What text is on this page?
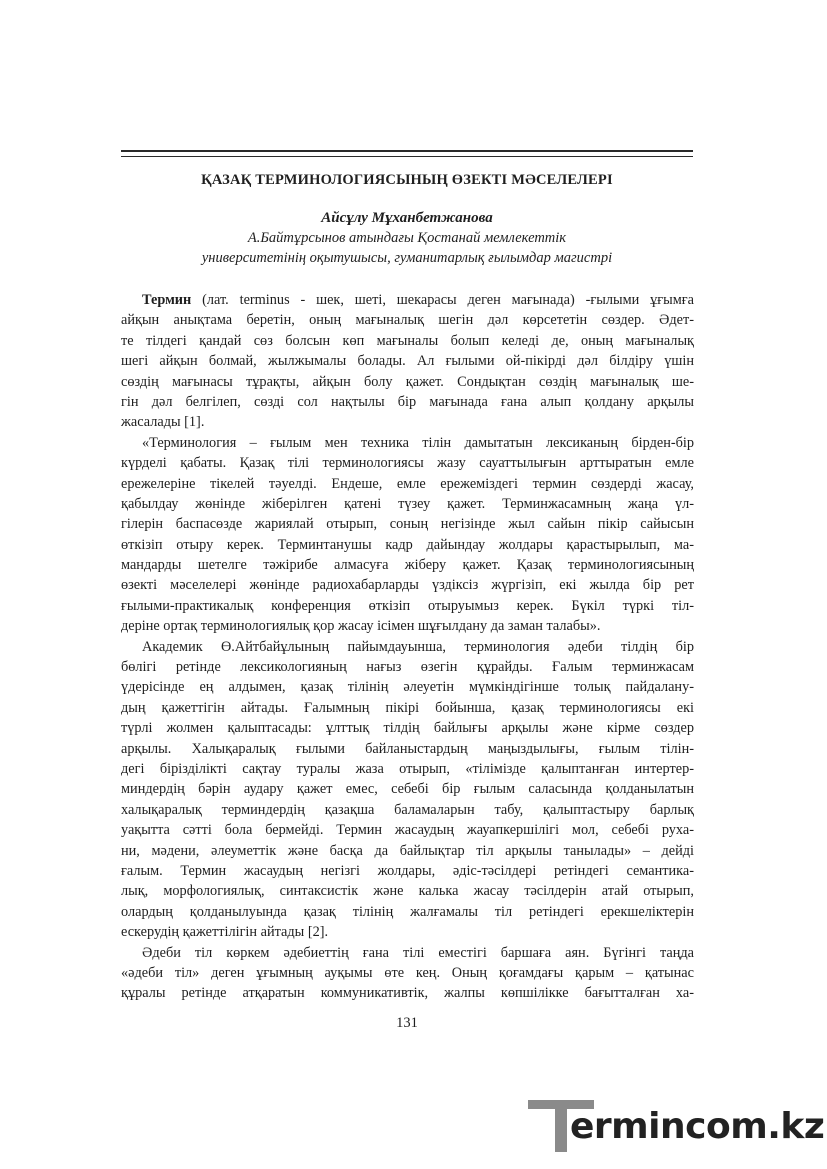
ҚАЗАҚ ТЕРМИНОЛОГИЯСЫНЫҢ ӨЗЕКТІ МӘСЕЛЕЛЕРІ
Айсұлу Мұханбетжанова
А.Байтұрсынов атындағы Қостанай мемлекеттік
университетінің оқытушысы, гуманитарлық ғылымдар магистрі
Термин (лат. terminus - шек, шеті, шекарасы деген мағынада) -ғылыми ұғымға
айқын анықтама беретін, оның мағыналық шегін дәл көрсететін сөздер. Әдет-
те тілдегі қандай сөз болсын көп мағыналы болып келеді де, оның мағыналық
шегі айқын болмай, жылжымалы болады. Ал ғылыми ой-пікірді дәл білдіру үшін
сөздің мағынасы тұрақты, айқын болу қажет. Сондықтан сөздің мағыналық ше-
гін дәл белгілеп, сөзді сол нақтылы бір мағынада ғана алып қолдану арқылы
жасалады [1].
«Терминология – ғылым мен техника тілін дамытатын лексиканың бірден-бір
күрделі қабаты. Қазақ тілі терминологиясы жазу сауаттылығын арттыратын емле
ережелеріне тікелей тәуелді. Ендеше, емле ережеміздегі термин сөздерді жасау,
қабылдау жөнінде жіберілген қатені түзеу қажет. Терминжасамның жаңа үл-
гілерін баспасөзде жариялай отырып, соның негізінде жыл сайын пікір сайысын
өткізіп отыру керек. Терминтанушы кадр дайындау жолдары қарастырылып, ма-
мандарды шетелге тәжірибе алмасуға жіберу қажет. Қазақ терминологиясының
өзекті мәселелері жөнінде радиохабарларды үздіксіз жүргізіп, екі жылда бір рет
ғылыми-практикалық конференция өткізіп отыруымыз керек. Бүкіл түркі тіл-
деріне ортақ терминологиялық қор жасау ісімен шұғылдану да заман талабы».
Академик Ө.Айтбайұлының пайымдауынша, терминология әдеби тілдің бір
бөлігі ретінде лексикологияның нағыз өзегін құрайды. Ғалым терминжасам
үдерісінде ең алдымен, қазақ тілінің әлеуетін мүмкіндігінше толық пайдалану-
дың қажеттігін айтады. Ғалымның пікірі бойынша, қазақ терминологиясы екі
түрлі жолмен қалыптасады: ұлттық тілдің байлығы арқылы және кірме сөздер
арқылы. Халықаралық ғылыми байланыстардың маңыздылығы, ғылым тілін-
дегі біріздiлікті сақтау туралы жаза отырып, «тілімізде қалыптанған интертер-
миндердің бәрін аудару қажет емес, себебі бір ғылым саласында қолданылатын
халықаралық терминдердің қазақша баламаларын табу, қалыптастыру барлық
уақытта сәтті бола бермейді. Термин жасаудың жауапкершілігі мол, себебі руха-
ни, мәдени, әлеуметтік және басқа да байлықтар тіл арқылы танылады» – дейді
ғалым. Термин жасаудың негізгі жолдары, әдіс-тәсілдері ретіндегі семантика-
лық, морфологиялық, синтаксистік және калька жасау тәсілдерін атай отырып,
олардың қолданылуында қазақ тілінің жалғамалы тіл ретіндегі ерекшеліктерін
ескерудің қажеттілігін айтады [2].
Әдеби тіл көркем әдебиеттің ғана тілі еместігі баршаға аян. Бүгінгі таңда
«әдеби тіл» деген ұғымның ауқымы өте кең. Оның қоғамдағы қарым – қатынас
құралы ретінде атқаратын коммуникативтік, жалпы көпшілікке бағытталған ха-
131
ermincom.kz
